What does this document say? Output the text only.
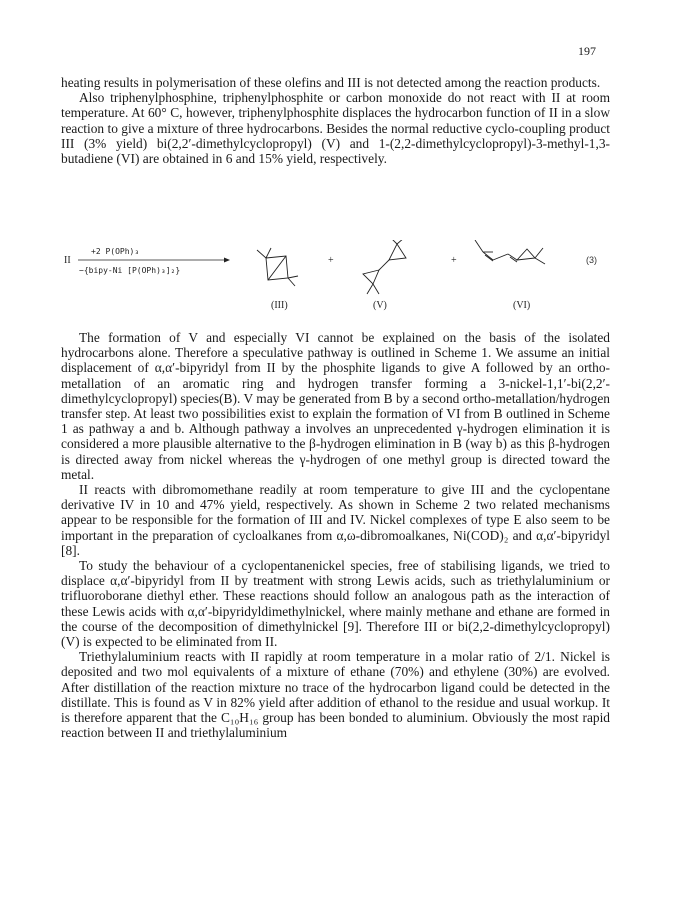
197

heating results in polymerisation of these olefins and III is not detected among the reaction products.

Also triphenylphosphine, triphenylphosphite or carbon monoxide do not react with II at room temperature. At 60° C, however, triphenylphosphite displaces the hydrocarbon function of II in a slow reaction to give a mixture of three hydrocarbons. Besides the normal reductive cyclo-coupling product III (3% yield) bi(2,2′-dimethylcyclopropyl) (V) and 1-(2,2-dimethylcyclopropyl)-3-methyl-1,3-butadiene (VI) are obtained in 6 and 15% yield, respectively.

II
+2 P(OPh)₃
−{bipy-Ni [P(OPh)₃]₂}
(III)
+
(V)
+
(VI)
(3)

The formation of V and especially VI cannot be explained on the basis of the isolated hydrocarbons alone. Therefore a speculative pathway is outlined in Scheme 1. We assume an initial displacement of α,α′-bipyridyl from II by the phosphite ligands to give A followed by an ortho-metallation of an aromatic ring and hydrogen transfer forming a 3-nickel-1,1′-bi(2,2′-dimethylcyclopropyl) species(B). V may be generated from B by a second ortho-metallation/hydrogen transfer step. At least two possibilities exist to explain the formation of VI from B outlined in Scheme 1 as pathway a and b. Although pathway a involves an unprecedented γ-hydrogen elimination it is considered a more plausible alternative to the β-hydrogen elimination in B (way b) as this β-hydrogen is directed away from nickel whereas the γ-hydrogen of one methyl group is directed toward the metal.

II reacts with dibromomethane readily at room temperature to give III and the cyclopentane derivative IV in 10 and 47% yield, respectively. As shown in Scheme 2 two related mechanisms appear to be responsible for the formation of III and IV. Nickel complexes of type E also seem to be important in the preparation of cycloalkanes from α,ω-dibromoalkanes, Ni(COD)₂ and α,α′-bipyridyl [8].

To study the behaviour of a cyclopentanenickel species, free of stabilising ligands, we tried to displace α,α′-bipyridyl from II by treatment with strong Lewis acids, such as triethylaluminium or trifluoroborane diethyl ether. These reactions should follow an analogous path as the interaction of these Lewis acids with α,α′-bipyridyldimethylnickel, where mainly methane and ethane are formed in the course of the decomposition of dimethylnickel [9]. Therefore III or bi(2,2-dimethylcyclopropyl) (V) is expected to be eliminated from II.

Triethylaluminium reacts with II rapidly at room temperature in a molar ratio of 2/1. Nickel is deposited and two mol equivalents of a mixture of ethane (70%) and ethylene (30%) are evolved. After distillation of the reaction mixture no trace of the hydrocarbon ligand could be detected in the distillate. This is found as V in 82% yield after addition of ethanol to the residue and usual workup. It is therefore apparent that the C₁₀H₁₆ group has been bonded to aluminium. Obviously the most rapid reaction between II and triethylaluminium
